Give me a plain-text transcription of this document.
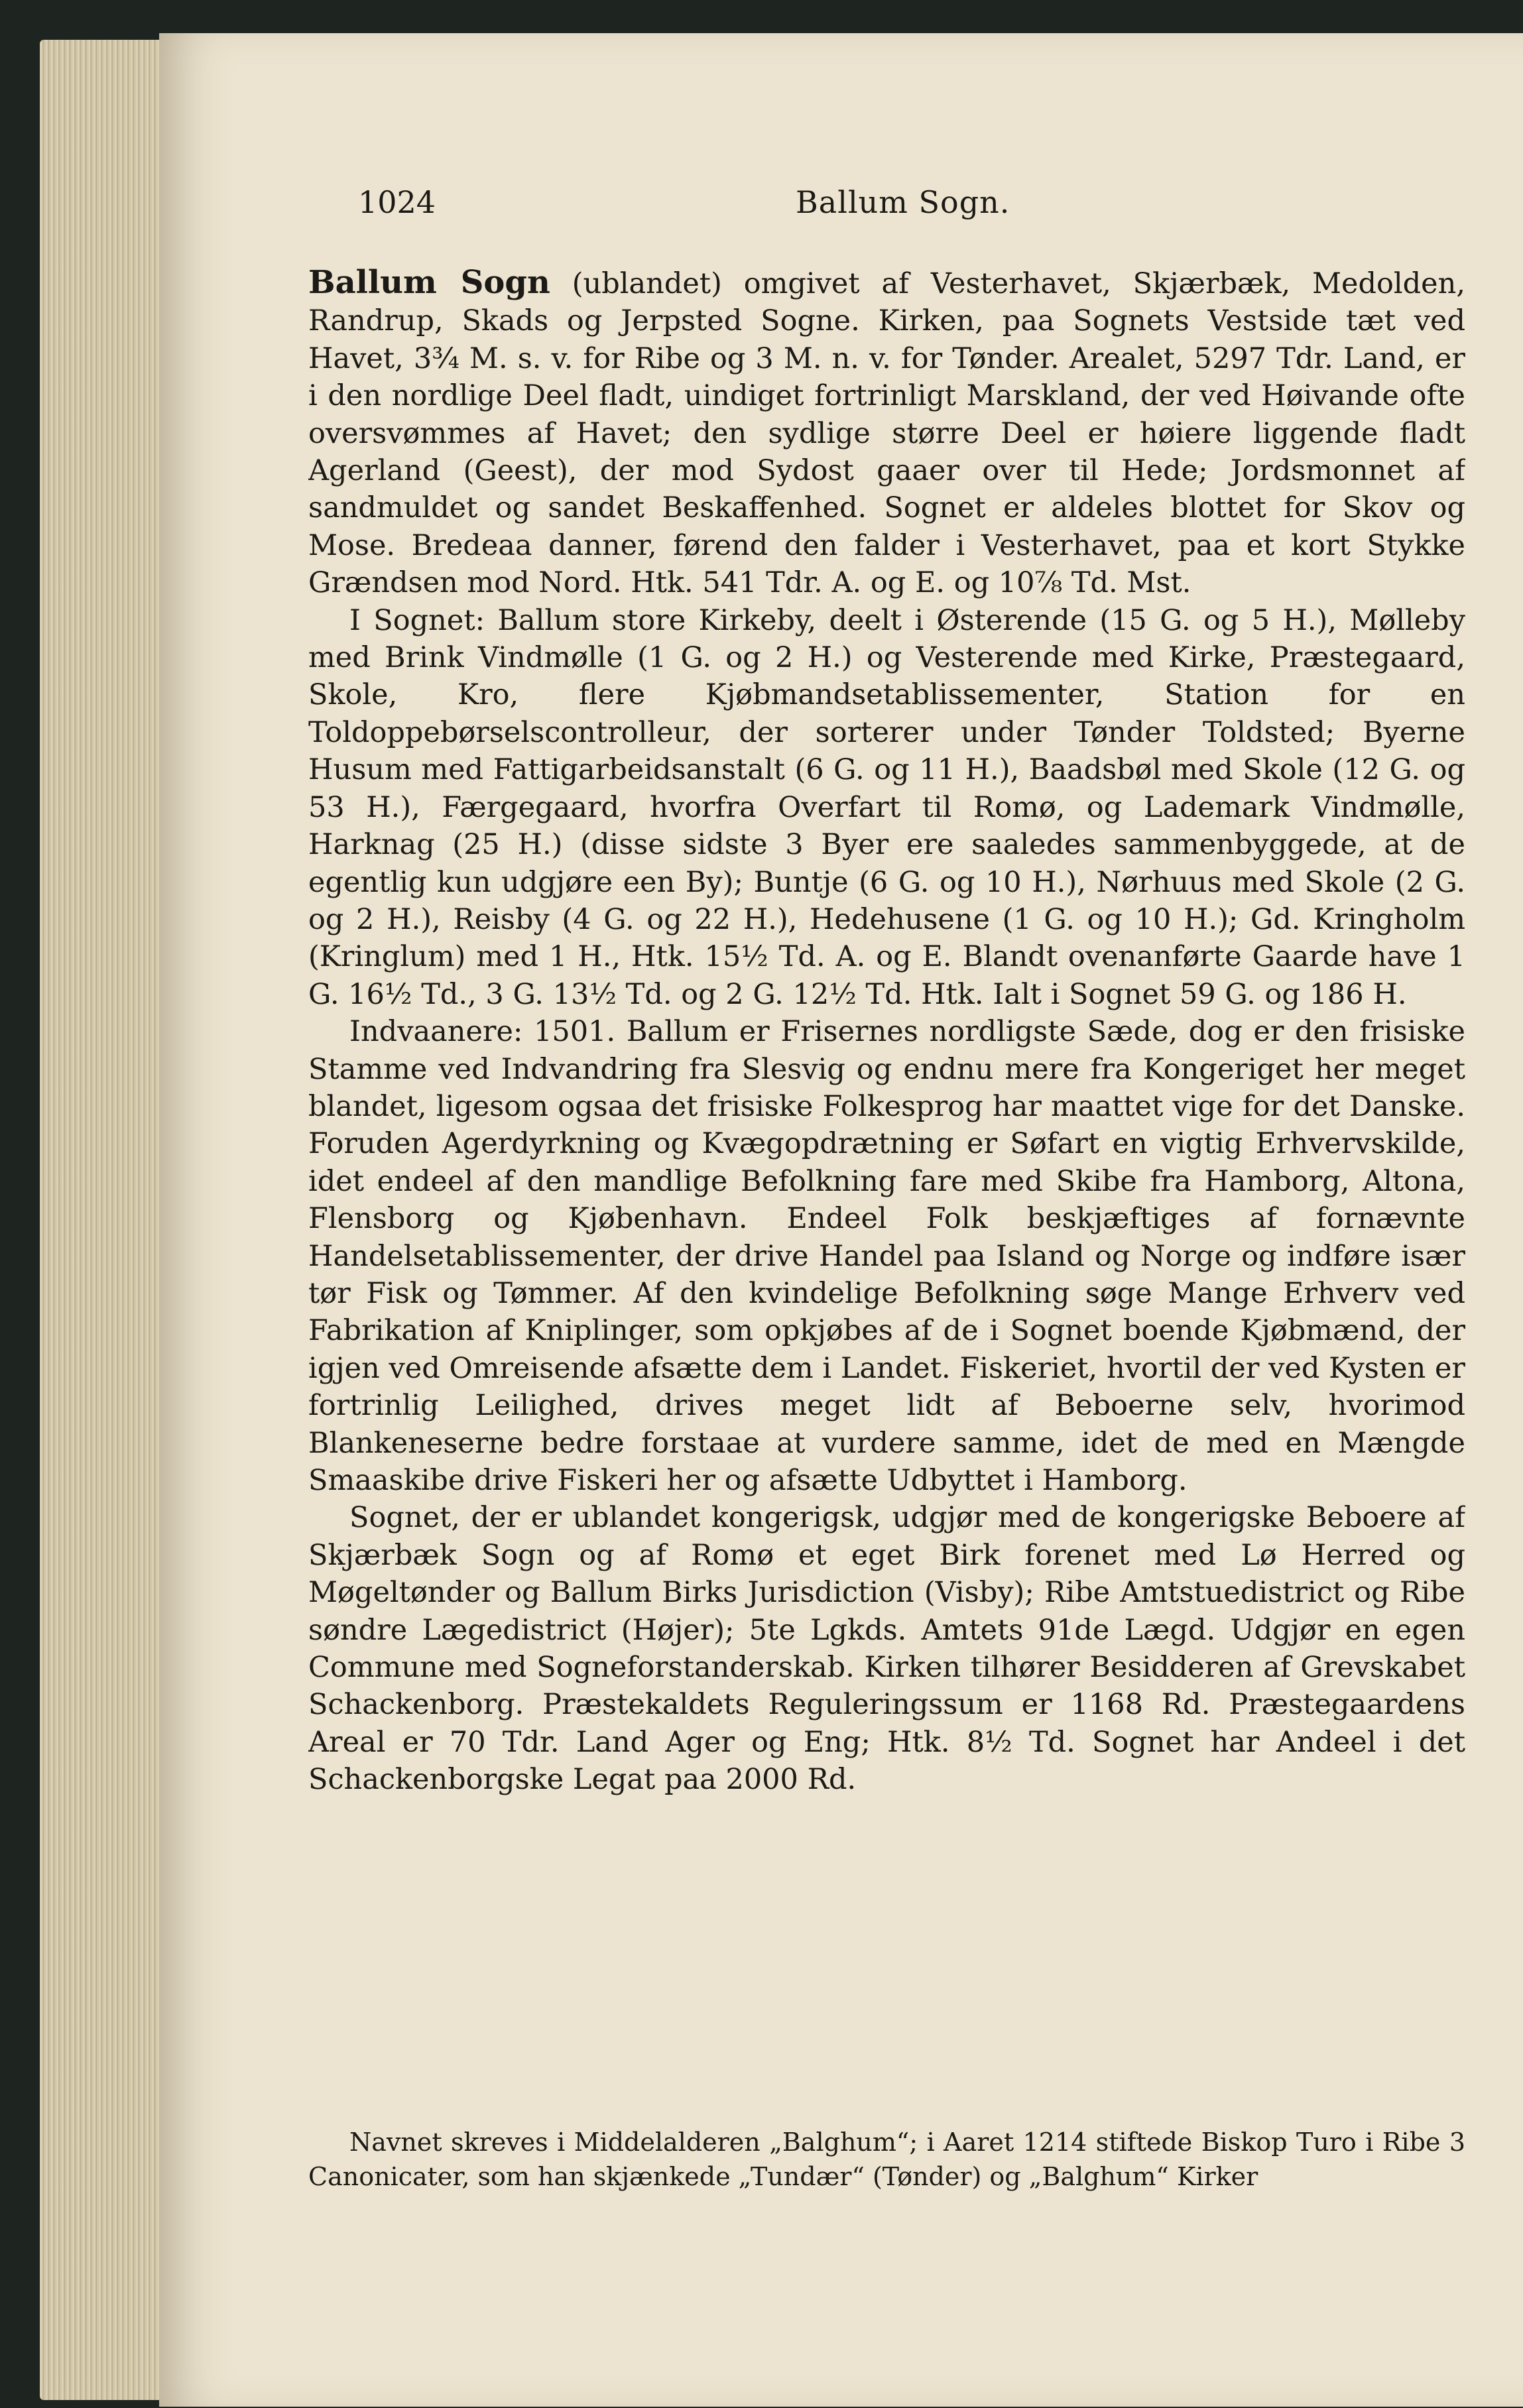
1024	Ballum Sogn.

Ballum Sogn (ublandet) omgivet af Vesterhavet, Skjærbæk, Medolden, Randrup, Skads og Jerpsted Sogne. Kirken, paa Sognets Vestside tæt ved Havet, 3¾ M. s. v. for Ribe og 3 M. n. v. for Tønder. Arealet, 5297 Tdr. Land, er i den nordlige Deel fladt, uindiget fortrinligt Marskland, der ved Høivande ofte oversvømmes af Havet; den sydlige større Deel er høiere liggende fladt Agerland (Geest), der mod Sydost gaaer over til Hede; Jordsmonnet af sandmuldet og sandet Beskaffenhed. Sognet er aldeles blottet for Skov og Mose. Bredeaa danner, førend den falder i Vesterhavet, paa et kort Stykke Grændsen mod Nord. Htk. 541 Tdr. A. og E. og 10⅞ Td. Mst.

I Sognet: Ballum store Kirkeby, deelt i Østerende (15 G. og 5 H.), Mølleby med Brink Vindmølle (1 G. og 2 H.) og Vesterende med Kirke, Præstegaard, Skole, Kro, flere Kjøbmandsetablissementer, Station for en Toldoppebørselscontrolleur, der sorterer under Tønder Toldsted; Byerne Husum med Fattigarbeidsanstalt (6 G. og 11 H.), Baadsbøl med Skole (12 G. og 53 H.), Færgegaard, hvorfra Overfart til Romø, og Lademark Vindmølle, Harknag (25 H.) (disse sidste 3 Byer ere saaledes sammenbyggede, at de egentlig kun udgjøre een By); Buntje (6 G. og 10 H.), Nørhuus med Skole (2 G. og 2 H.), Reisby (4 G. og 22 H.), Hedehusene (1 G. og 10 H.); Gd. Kringholm (Kringlum) med 1 H., Htk. 15½ Td. A. og E. Blandt ovenanførte Gaarde have 1 G. 16½ Td., 3 G. 13½ Td. og 2 G. 12½ Td. Htk. Ialt i Sognet 59 G. og 186 H.

Indvaanere: 1501. Ballum er Frisernes nordligste Sæde, dog er den frisiske Stamme ved Indvandring fra Slesvig og endnu mere fra Kongeriget her meget blandet, ligesom ogsaa det frisiske Folkesprog har maattet vige for det Danske. Foruden Agerdyrkning og Kvægopdrætning er Søfart en vigtig Erhvervskilde, idet endeel af den mandlige Befolkning fare med Skibe fra Hamborg, Altona, Flensborg og Kjøbenhavn. Endeel Folk beskjæftiges af fornævnte Handelsetablissementer, der drive Handel paa Island og Norge og indføre især tør Fisk og Tømmer. Af den kvindelige Befolkning søge Mange Erhverv ved Fabrikation af Kniplinger, som opkjøbes af de i Sognet boende Kjøbmænd, der igjen ved Omreisende afsætte dem i Landet. Fiskeriet, hvortil der ved Kysten er fortrinlig Leilighed, drives meget lidt af Beboerne selv, hvorimod Blankeneserne bedre forstaae at vurdere samme, idet de med en Mængde Smaaskibe drive Fiskeri her og afsætte Udbyttet i Hamborg.

Sognet, der er ublandet kongerigsk, udgjør med de kongerigske Beboere af Skjærbæk Sogn og af Romø et eget Birk forenet med Lø Herred og Møgeltønder og Ballum Birks Jurisdiction (Visby); Ribe Amtstuedistrict og Ribe søndre Lægedistrict (Højer); 5te Lgkds. Amtets 91de Lægd. Udgjør en egen Commune med Sogneforstanderskab. Kirken tilhører Besidderen af Grevskabet Schackenborg. Præstekaldets Reguleringssum er 1168 Rd. Præstegaardens Areal er 70 Tdr. Land Ager og Eng; Htk. 8½ Td. Sognet har Andeel i det Schackenborgske Legat paa 2000 Rd.

Navnet skreves i Middelalderen „Balghum“; i Aaret 1214 stiftede Biskop Turo i Ribe 3 Canonicater, som han skjænkede „Tundær“ (Tønder) og „Balghum“ Kirker
